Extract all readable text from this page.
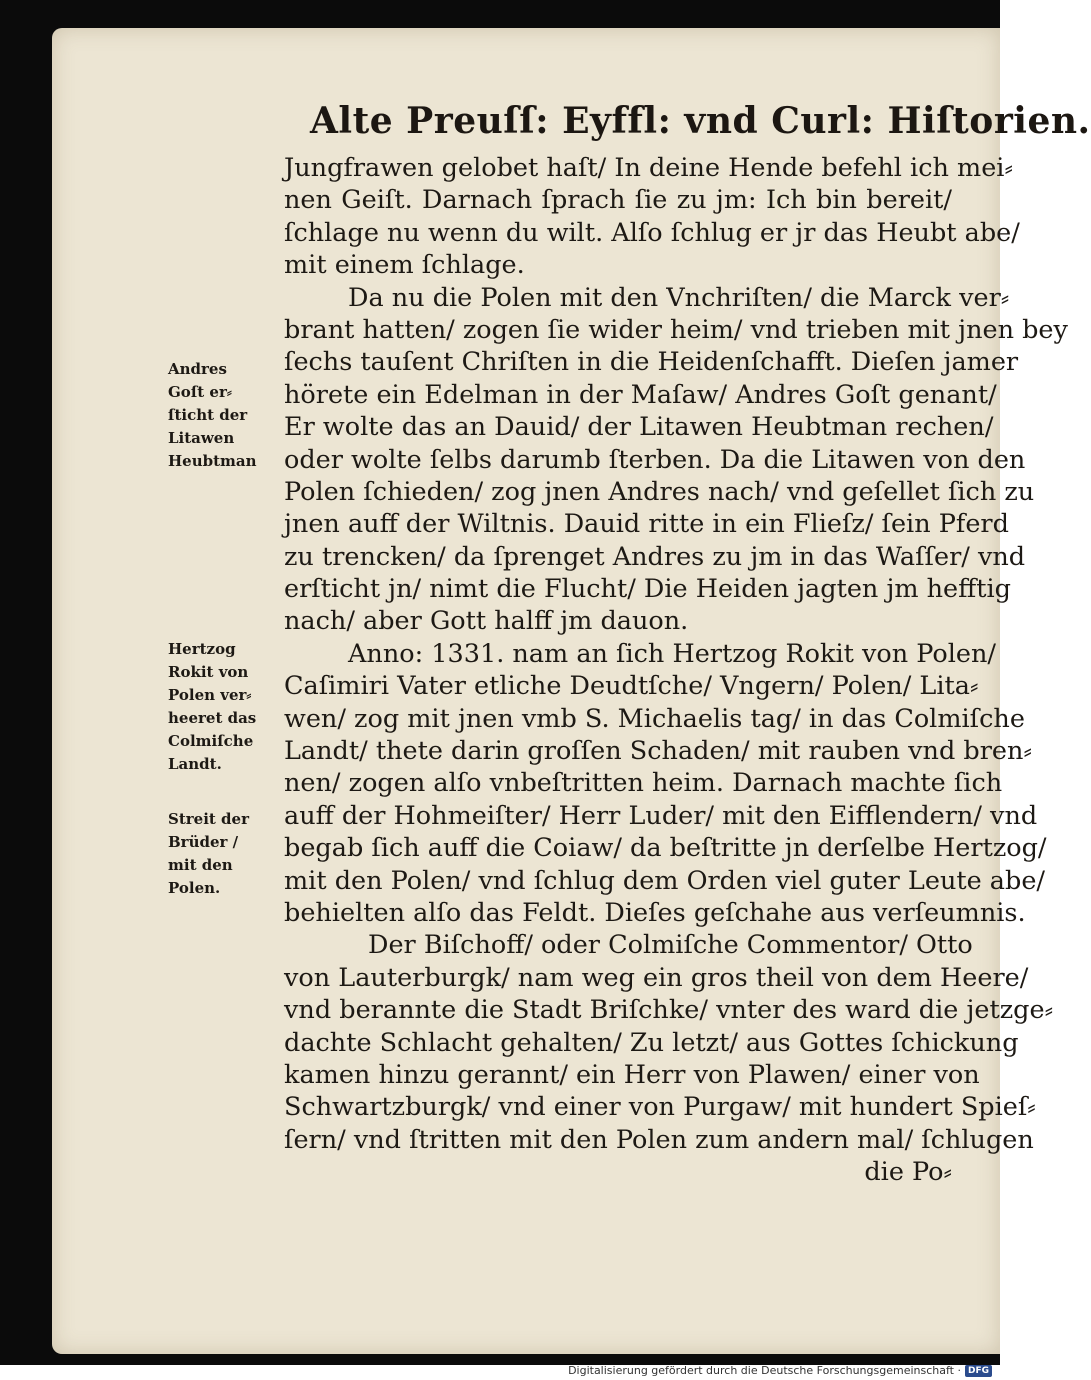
Alte Preuſſ: Eyffl: vnd Curl: Hiſtorien.
Jungfrawen gelobet haſt/ In deine Hende befehl ich mei⸗
nen Geiſt. Darnach ſprach ſie zu jm: Ich bin bereit/
ſchlage nu wenn du wilt. Alſo ſchlug er jr das Heubt abe/
mit einem ſchlage.
Da nu die Polen mit den Vnchriſten/ die Marck ver⸗
brant hatten/ zogen ſie wider heim/ vnd trieben mit jnen bey
ſechs tauſent Chriſten in die Heidenſchafft. Dieſen jamer
hörete ein Edelman in der Maſaw/ Andres Goſt genant/
Er wolte das an Dauid/ der Litawen Heubtman rechen/
oder wolte ſelbs darumb ſterben. Da die Litawen von den
Polen ſchieden/ zog jnen Andres nach/ vnd geſellet ſich zu
jnen auff der Wiltnis. Dauid ritte in ein Flieſz/ ſein Pferd
zu trencken/ da ſprenget Andres zu jm in das Waſſer/ vnd
erſticht jn/ nimt die Flucht/ Die Heiden jagten jm hefftig
nach/ aber Gott halff jm dauon.
Anno: 1331. nam an ſich Hertzog Rokit von Polen/
Caſimiri Vater etliche Deudtſche/ Vngern/ Polen/ Lita⸗
wen/ zog mit jnen vmb S. Michaelis tag/ in das Colmiſche
Landt/ thete darin groſſen Schaden/ mit rauben vnd bren⸗
nen/ zogen alſo vnbeſtritten heim. Darnach machte ſich
auff der Hohmeiſter/ Herr Luder/ mit den Eifflendern/ vnd
begab ſich auff die Coiaw/ da beſtritte jn derſelbe Hertzog/
mit den Polen/ vnd ſchlug dem Orden viel guter Leute abe/
behielten alſo das Feldt. Dieſes geſchahe aus verſeumnis.
Der Biſchoff/ oder Colmiſche Commentor/ Otto
von Lauterburgk/ nam weg ein gros theil von dem Heere/
vnd berannte die Stadt Briſchke/ vnter des ward die jetzge⸗
dachte Schlacht gehalten/ Zu letzt/ aus Gottes ſchickung
kamen hinzu gerannt/ ein Herr von Plawen/ einer von
Schwartzburgk/ vnd einer von Purgaw/ mit hundert Spieſ⸗
ſern/ vnd ſtritten mit den Polen zum andern mal/ ſchlugen
die Po⸗
Andres
Goſt er⸗
ſticht der
Litawen
Heubtman
Hertzog
Rokit von
Polen ver⸗
heeret das
Colmiſche
Landt.
Streit der
Brüder /
mit den
Polen.
Digitalisierung gefördert durch die Deutsche Forschungsgemeinschaft · DFG
